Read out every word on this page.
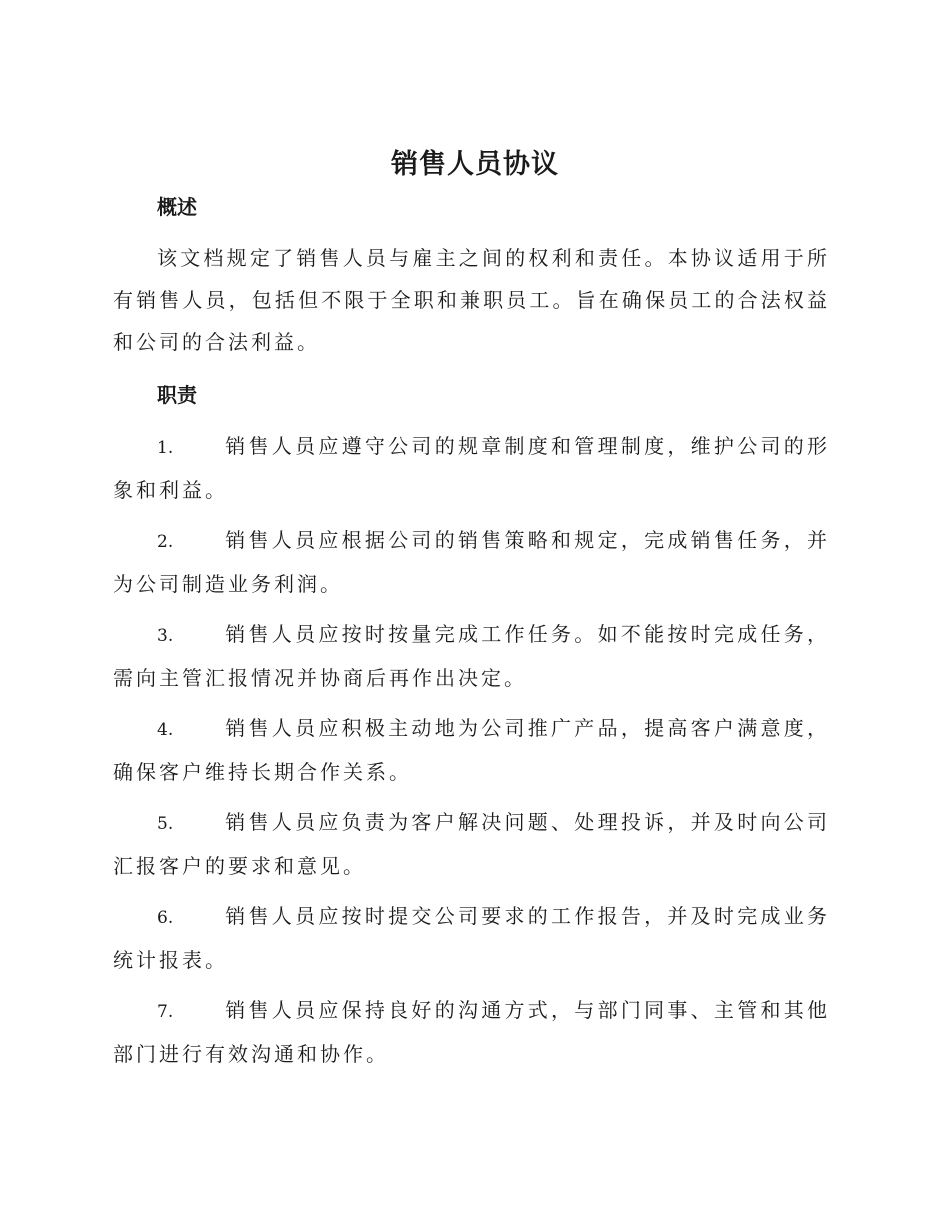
销售人员协议
概述

该文档规定了销售人员与雇主之间的权利和责任。本协议适用于所有销售人员，包括但不限于全职和兼职员工。旨在确保员工的合法权益和公司的合法利益。

职责

1.	销售人员应遵守公司的规章制度和管理制度，维护公司的形象和利益。

2.	销售人员应根据公司的销售策略和规定，完成销售任务，并为公司制造业务利润。

3.	销售人员应按时按量完成工作任务。如不能按时完成任务，需向主管汇报情况并协商后再作出决定。

4.	销售人员应积极主动地为公司推广产品，提高客户满意度，确保客户维持长期合作关系。

5.	销售人员应负责为客户解决问题、处理投诉，并及时向公司汇报客户的要求和意见。

6.	销售人员应按时提交公司要求的工作报告，并及时完成业务统计报表。

7.	销售人员应保持良好的沟通方式，与部门同事、主管和其他部门进行有效沟通和协作。
